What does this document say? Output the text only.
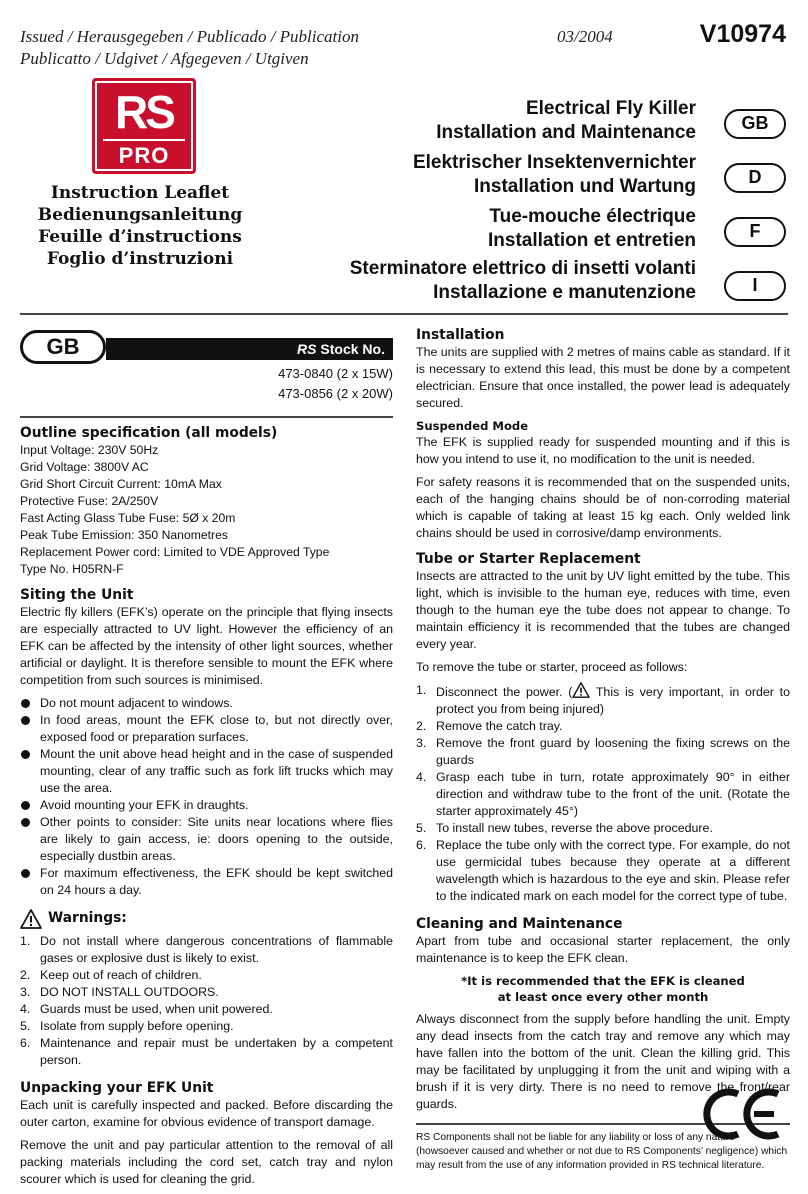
Issued / Herausgegeben / Publicado / Publication
Publicatto / Udgivet / Afgegeven / Utgiven
03/2004	V10974
RS
PRO
Instruction Leaflet
Bedienungsanleitung
Feuille d’instructions
Foglio d’instruzioni
Electrical Fly Killer
Installation and Maintenance	GB
Elektrischer Insektenvernichter
Installation und Wartung	D
Tue-mouche électrique
Installation et entretien	F
Sterminatore elettrico di insetti volanti
Installazione e manutenzione	I
GB	RS Stock No.
473-0840 (2 x 15W)
473-0856 (2 x 20W)
Outline specification (all models)
Input Voltage: 230V 50Hz
Grid Voltage: 3800V AC
Grid Short Circuit Current: 10mA Max
Protective Fuse: 2A/250V
Fast Acting Glass Tube Fuse: 5Ø x 20m
Peak Tube Emission: 350 Nanometres
Replacement Power cord: Limited to VDE Approved Type
Type No. H05RN-F
Siting the Unit

Electric fly killers (EFK’s) operate on the principle that flying insects are especially attracted to UV light. However the efficiency of an EFK can be affected by the intensity of other light sources, whether artificial or daylight. It is therefore sensible to mount the EFK where competition from such sources is minimised.

Do not mount adjacent to windows.
In food areas, mount the EFK close to, but not directly over, exposed food or preparation surfaces.
Mount the unit above head height and in the case of suspended mounting, clear of any traffic such as fork lift trucks which may use the area.
Avoid mounting your EFK in draughts.
Other points to consider: Site units near locations where flies are likely to gain access, ie: doors opening to the outside, especially dustbin areas.
For maximum effectiveness, the EFK should be kept switched on 24 hours a day.
Warnings:
1. Do not install where dangerous concentrations of flammable gases or explosive dust is likely to exist.
2. Keep out of reach of children.
3. DO NOT INSTALL OUTDOORS.
4. Guards must be used, when unit powered.
5. Isolate from supply before opening.
6. Maintenance and repair must be undertaken by a competent person.
Unpacking your EFK Unit

Each unit is carefully inspected and packed. Before discarding the outer carton, examine for obvious evidence of transport damage.

Remove the unit and pay particular attention to the removal of all packing materials including the cord set, catch tray and nylon scourer which is used for cleaning the grid.

Installation

The units are supplied with 2 metres of mains cable as standard. If it is necessary to extend this lead, this must be done by a competent electrician. Ensure that once installed, the power lead is adequately secured.

Suspended Mode

The EFK is supplied ready for suspended mounting and if this is how you intend to use it, no modification to the unit is needed.

For safety reasons it is recommended that on the suspended units, each of the hanging chains should be of non-corroding material which is capable of taking at least 15 kg each. Only welded link chains should be used in corrosive/damp environments.

Tube or Starter Replacement

Insects are attracted to the unit by UV light emitted by the tube. This light, which is invisible to the human eye, reduces with time, even though to the human eye the tube does not appear to change. To maintain efficiency it is recommended that the tubes are changed every year.

To remove the tube or starter, proceed as follows:

1. Disconnect the power. ( This is very important, in order to protect you from being injured)
2. Remove the catch tray.
3. Remove the front guard by loosening the fixing screws on the guards
4. Grasp each tube in turn, rotate approximately 90° in either direction and withdraw tube to the front of the unit. (Rotate the starter approximately 45°)
5. To install new tubes, reverse the above procedure.
6. Replace the tube only with the correct type. For example, do not use germicidal tubes because they operate at a different wavelength which is hazardous to the eye and skin. Please refer to the indicated mark on each model for the correct type of tube.
Cleaning and Maintenance

Apart from tube and occasional starter replacement, the only maintenance is to keep the EFK clean.

*It is recommended that the EFK is cleaned
at least once every other month

Always disconnect from the supply before handling the unit. Empty any dead insects from the catch tray and remove any which may have fallen into the bottom of the unit. Clean the killing grid. This may be facilitated by unplugging it from the unit and wiping with a brush if it is very dirty. There is no need to remove the front/rear guards.

RS Components shall not be liable for any liability or loss of any nature (howsoever caused and whether or not due to RS Components’ negligence) which may result from the use of any information provided in RS technical literature.
